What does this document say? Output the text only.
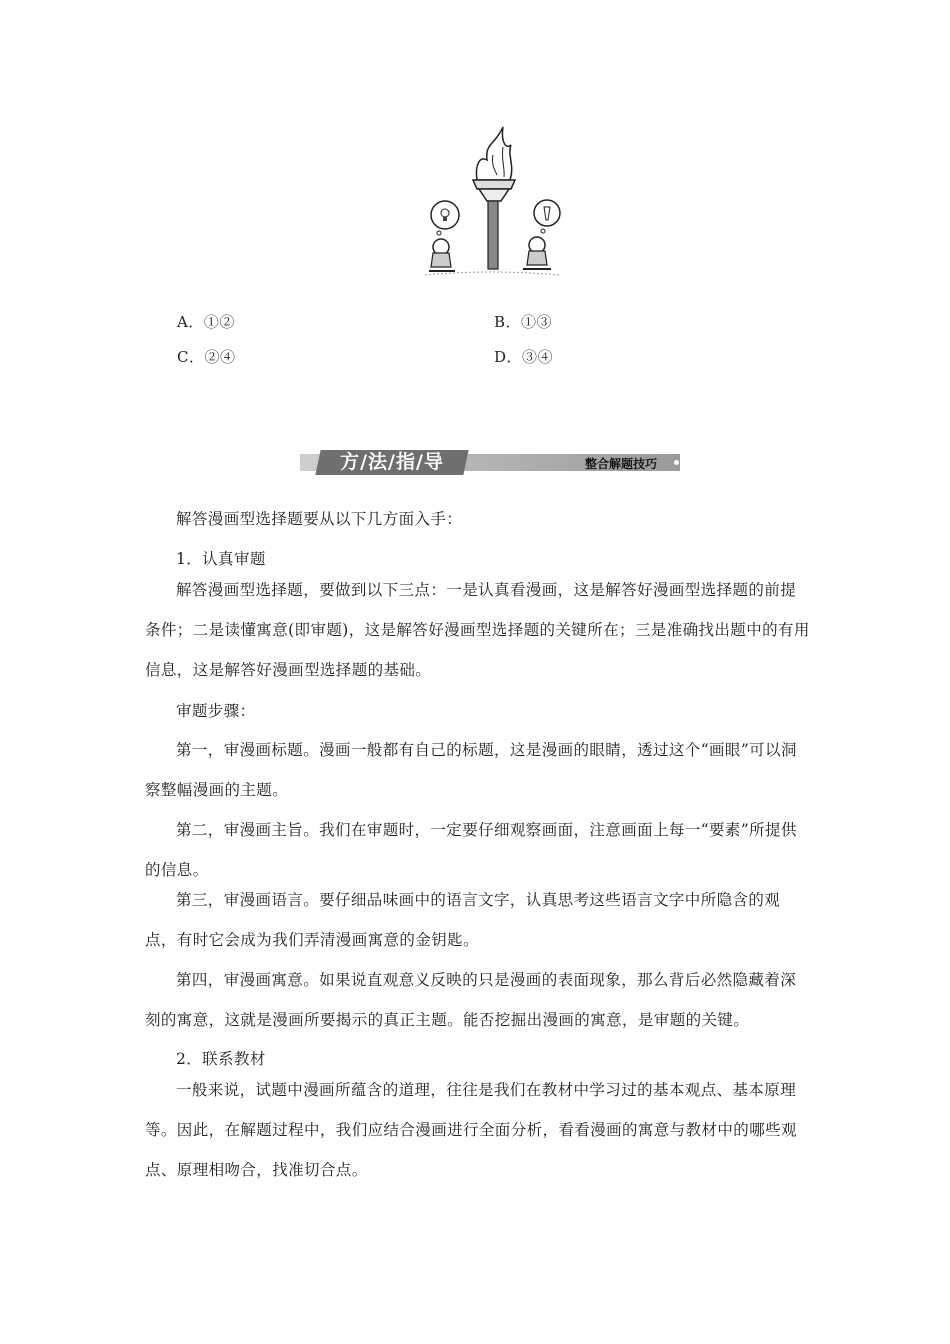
A．①②	B．①③
C．②④	D．③④
方/法/指/导	整合解题技巧
解答漫画型选择题要从以下几方面入手：
1．认真审题
解答漫画型选择题，要做到以下三点：一是认真看漫画，这是解答好漫画型选择题的前提条件；二是读懂寓意(即审题)，这是解答好漫画型选择题的关键所在；三是准确找出题中的有用信息，这是解答好漫画型选择题的基础。
审题步骤：
第一，审漫画标题。漫画一般都有自己的标题，这是漫画的眼睛，透过这个“画眼”可以洞察整幅漫画的主题。
第二，审漫画主旨。我们在审题时，一定要仔细观察画面，注意画面上每一“要素”所提供的信息。
第三，审漫画语言。要仔细品味画中的语言文字，认真思考这些语言文字中所隐含的观点，有时它会成为我们弄清漫画寓意的金钥匙。
第四，审漫画寓意。如果说直观意义反映的只是漫画的表面现象，那么背后必然隐藏着深刻的寓意，这就是漫画所要揭示的真正主题。能否挖掘出漫画的寓意，是审题的关键。
2．联系教材
一般来说，试题中漫画所蕴含的道理，往往是我们在教材中学习过的基本观点、基本原理等。因此，在解题过程中，我们应结合漫画进行全面分析，看看漫画的寓意与教材中的哪些观点、原理相吻合，找准切合点。
